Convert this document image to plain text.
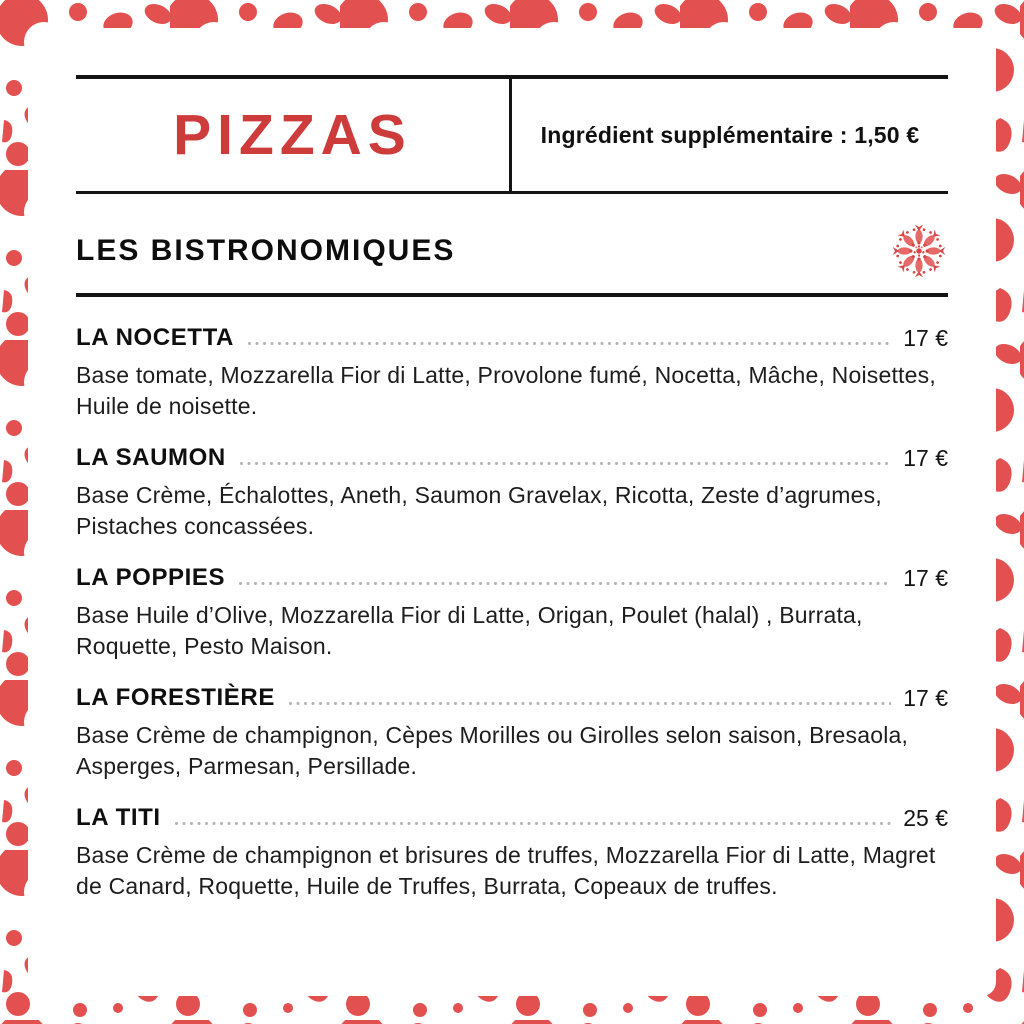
PIZZAS	Ingrédient supplémentaire : 1,50 €
LES BISTRONOMIQUES
LA NOCETTA	17 €

Base tomate, Mozzarella Fior di Latte, Provolone fumé, Nocetta, Mâche, Noisettes, Huile de noisette.

LA SAUMON	17 €

Base Crème, Échalottes, Aneth, Saumon Gravelax, Ricotta, Zeste d’agrumes, Pistaches concassées.

LA POPPIES	17 €

Base Huile d’Olive, Mozzarella Fior di Latte, Origan, Poulet (halal) , Burrata, Roquette, Pesto Maison.

LA FORESTIÈRE	17 €

Base Crème de champignon, Cèpes Morilles ou Girolles selon saison, Bresaola, Asperges, Parmesan, Persillade.

LA TITI	25 €

Base Crème de champignon et brisures de truffes, Mozzarella Fior di Latte, Magret de Canard, Roquette, Huile de Truffes, Burrata, Copeaux de truffes.
